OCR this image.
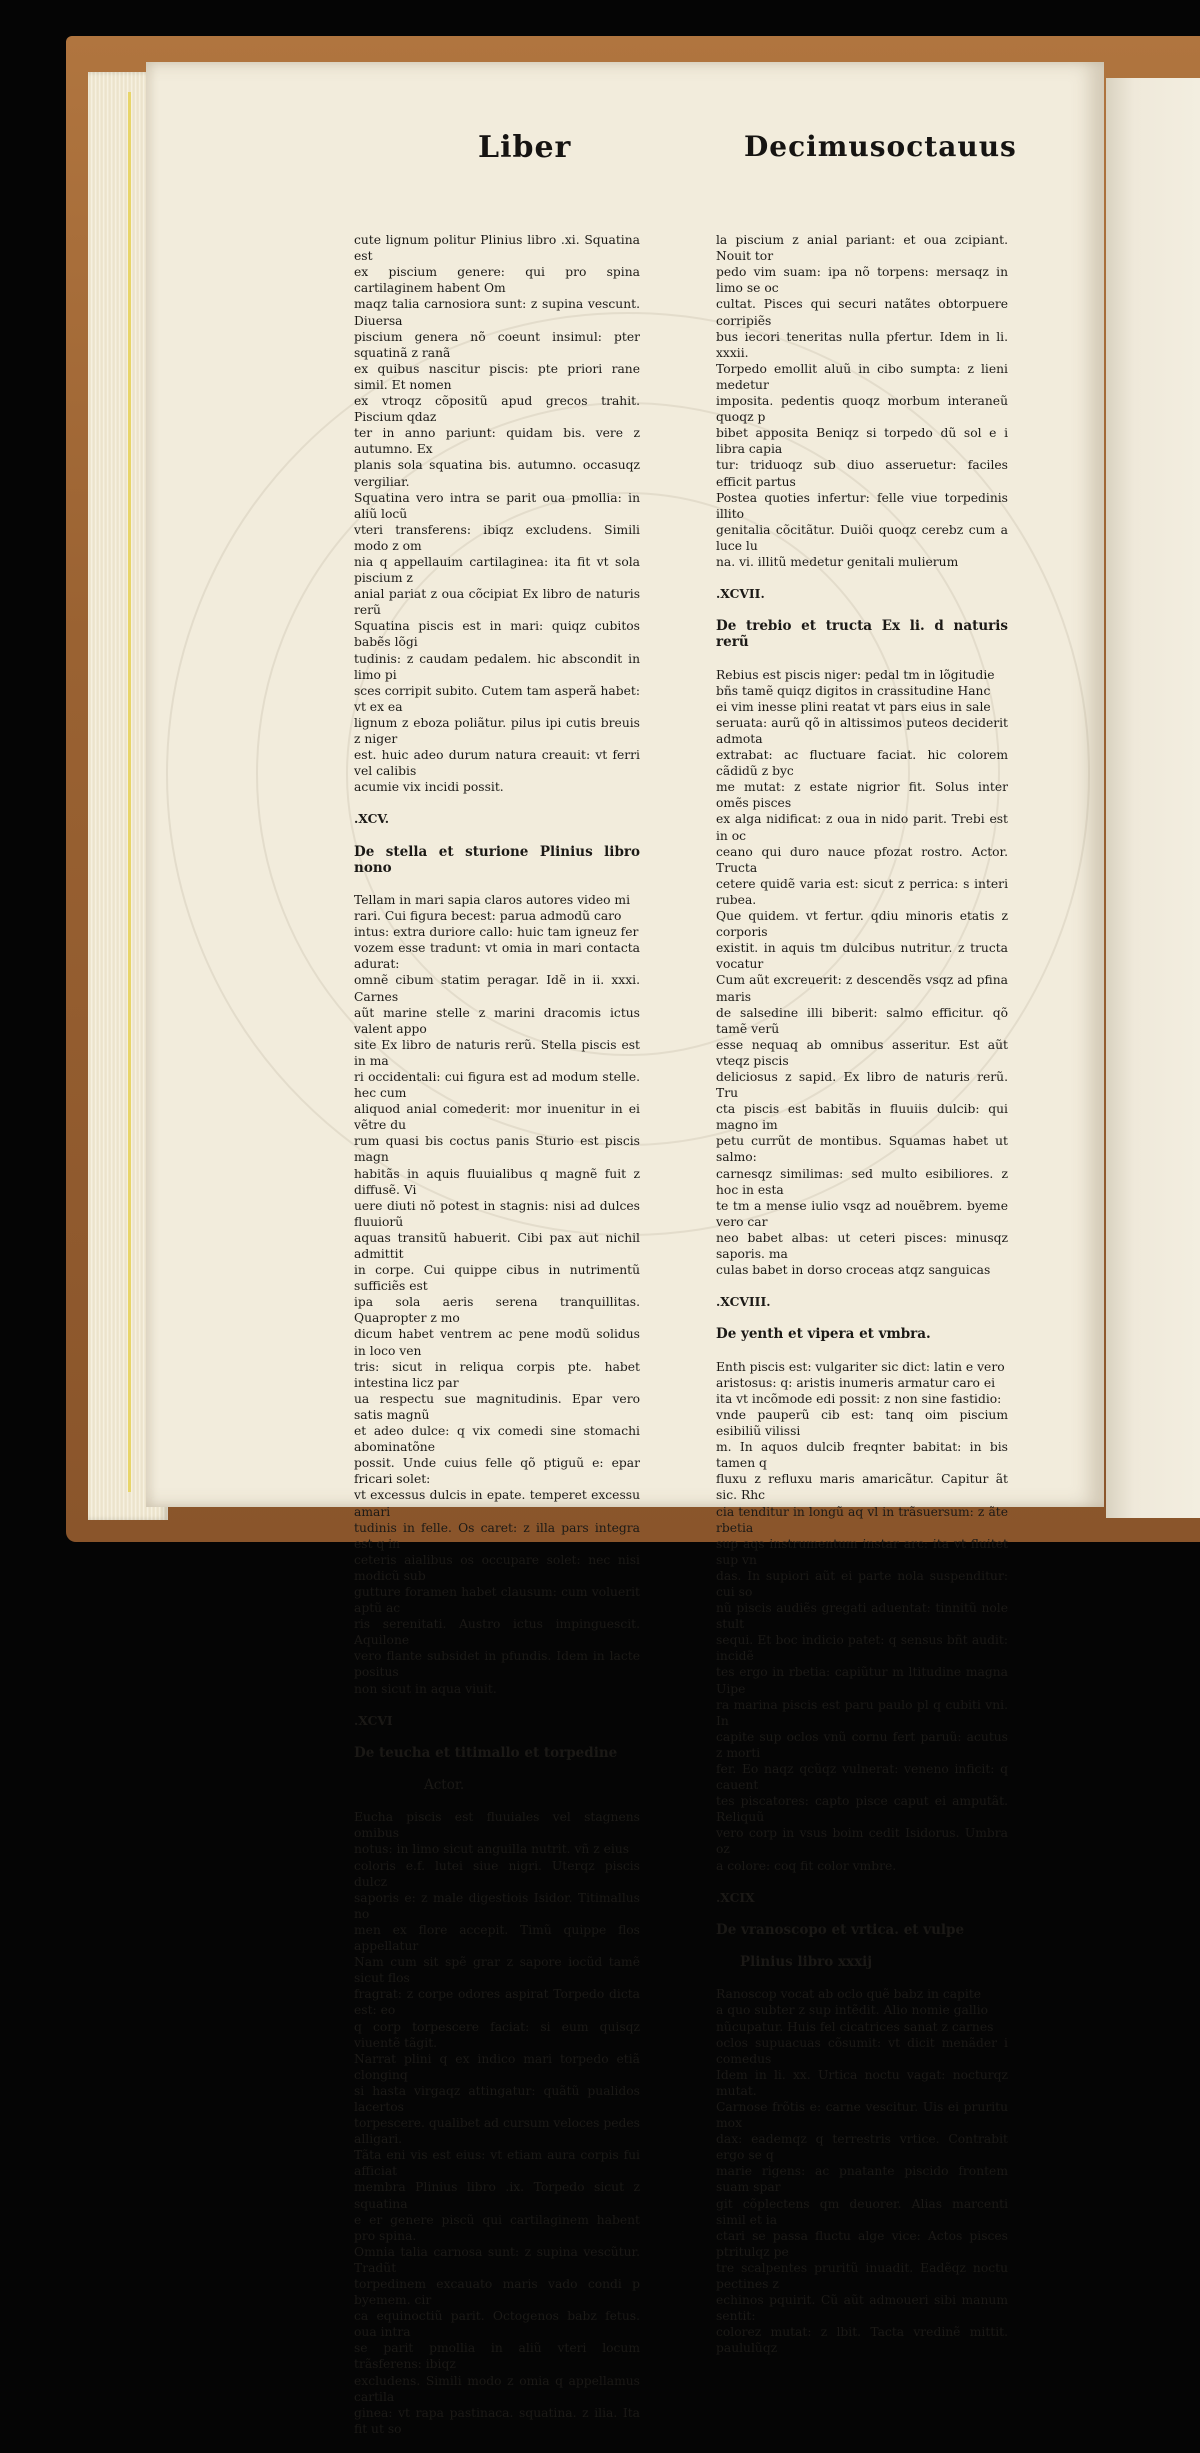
Liber	Decimusoctauus

cute lignum politur Plinius libro .xi. Squatina est
ex piscium genere: qui pro spina cartilaginem habent Om
maqz talia carnosiora sunt: z supina vescunt. Diuersa
piscium genera nõ coeunt insimul: pter squatinã z ranã
ex quibus nascitur piscis: pte priori rane simil. Et nomen
ex vtroqz cõpositũ apud grecos trahit. Piscium qdaz
ter in anno pariunt: quidam bis. vere z autumno. Ex
planis sola squatina bis. autumno. occasuqz vergiliar.
Squatina vero intra se parit oua pmollia: in aliũ locũ
vteri transferens: ibiqz excludens. Simili modo z om
nia q appellauim cartilaginea: ita fit vt sola piscium z
anial pariat z oua cõcipiat Ex libro de naturis rerũ
Squatina piscis est in mari: quiqz cubitos babẽs lõgi
tudinis: z caudam pedalem. hic abscondit in limo pi
sces corripit subito. Cutem tam asperã habet: vt ex ea
lignum z eboza poliãtur. pilus ipi cutis breuis z niger
est. huic adeo durum natura creauit: vt ferri vel calibis
acumie vix incidi possit.

.XCV.

De stella et sturione Plinius libro nono

Tellam in mari sapia claros autores video mi
rari. Cui figura becest: parua admodũ caro
intus: extra duriore callo: huic tam igneuz fer
vozem esse tradunt: vt omia in mari contacta adurat:
omnẽ cibum statim peragar. Idẽ in ii. xxxi. Carnes
aũt marine stelle z marini dracomis ictus valent appo
site Ex libro de naturis rerũ. Stella piscis est in ma
ri occidentali: cui figura est ad modum stelle. hec cum
aliquod anial comederit: mor inuenitur in ei vẽtre du
rum quasi bis coctus panis Sturio est piscis magn
habitãs in aquis fluuialibus q magnẽ fuit z diffusẽ. Vi
uere diuti nõ potest in stagnis: nisi ad dulces fluuiorũ
aquas transitũ habuerit. Cibi pax aut nichil admittit
in corpe. Cui quippe cibus in nutrimentũ sufficiẽs est
ipa sola aeris serena tranquillitas. Quapropter z mo
dicum habet ventrem ac pene modũ solidus in loco ven
tris: sicut in reliqua corpis pte. habet intestina licz par
ua respectu sue magnitudinis. Epar vero satis magnũ
et adeo dulce: q vix comedi sine stomachi abominatõne
possit. Unde cuius felle qõ ptiguũ e: epar fricari solet:
vt excessus dulcis in epate. temperet excessu amari
tudinis in felle. Os caret: z illa pars integra est q in
ceteris aialibus os occupare solet: nec nisi modicũ sub
gutture foramen habet clausum: cum voluerit aptũ ac
ris serenitati. Austro ictus impinguescit. Aquilone
vero flante subsidet in pfundis. Idem in lacte positus
non sicut in aqua viuit.

.XCVI

De teucha et titimallo et torpedine

Actor.

Eucha piscis est fluuiales vel stagnens omibus
notus: in limo sicut anguilla nutrit. vñ z eius
coloris e.f. lutei siue nigri. Uterqz piscis dulcz
saporis e: z male digestiois Isidor. Titimallus no
men ex flore accepit. Timũ quippe flos appellatur
Nam cum sit spẽ grar z sapore iocũd tamẽ sicut flos
fragrat: z corpe odores aspirat Torpedo dicta est: eo
q corp torpescere faciat: si eum quisqz viuentẽ tãgit.
Narrat plini q ex indico mari torpedo etiã clonginq
si hasta virgaqz attingatur: quãtũ pualidos lacertos
torpescere. qualibet ad cursum veloces pedes alligari.
Tãta eni vis est eius: vt etiam aura corpis fui afficiat
membra Plinius libro .ix. Torpedo sicut z squatina
e er genere piscũ qui cartilaginem habent pro spina.
Omnia talia carnosa sunt: z supina vescũtur. Tradũt
torpedinem excauato maris vado condi p byemem. cir
ca equinoctiũ parit. Octogenos babz fetus. oua intra
se parit pmollia in aliũ vteri locum trãsferens: ibiqz
excludens. Simili modo z omia q appellamus cartila
ginea: vt rapa pastinaca. squatina. z ilia. Ita fit ut so

la piscium z anial pariant: et oua zcipiant. Nouit tor
pedo vim suam: ipa nõ torpens: mersaqz in limo se oc
cultat. Pisces qui securi natãtes obtorpuere corripiẽs
bus iecori teneritas nulla pfertur. Idem in li. xxxii.
Torpedo emollit aluũ in cibo sumpta: z lieni medetur
imposita. pedentis quoqz morbum interaneũ quoqz p
bibet apposita Beniqz si torpedo dũ sol e i libra capia
tur: triduoqz sub diuo asseruetur: faciles efficit partus
Postea quoties infertur: felle viue torpedinis illito
genitalia cõcitãtur. Duiõi quoqz cerebz cum a luce lu
na. vi. illitũ medetur genitali mulierum

.XCVII.

De trebio et tructa Ex li. d naturis rerũ

Rebius est piscis niger: pedal tm in lõgitudie
bñs tamẽ quiqz digitos in crassitudine Hanc
ei vim inesse plini reatat vt pars eius in sale
seruata: aurũ qõ in altissimos puteos deciderit admota
extrabat: ac fluctuare faciat. hic colorem cãdidũ z byc
me mutat: z estate nigrior fit. Solus inter omẽs pisces
ex alga nidificat: z oua in nido parit. Trebi est in oc
ceano qui duro nauce pfozat rostro. Actor. Tructa
cetere quidẽ varia est: sicut z perrica: s interi rubea.
Que quidem. vt fertur. qdiu minoris etatis z corporis
existit. in aquis tm dulcibus nutritur. z tructa vocatur
Cum aũt excreuerit: z descendẽs vsqz ad pfina maris
de salsedine illi biberit: salmo efficitur. qõ tamẽ verũ
esse nequaq ab omnibus asseritur. Est aũt vteqz piscis
deliciosus z sapid. Ex libro de naturis rerũ. Tru
cta piscis est babitãs in fluuiis dulcib: qui magno im
petu currũt de montibus. Squamas habet ut salmo:
carnesqz similimas: sed multo esibiliores. z hoc in esta
te tm a mense iulio vsqz ad nouẽbrem. byeme vero car
neo babet albas: ut ceteri pisces: minusqz saporis. ma
culas babet in dorso croceas atqz sanguicas

.XCVIII.

De yenth et vipera et vmbra.

Enth piscis est: vulgariter sic dict: latin e vero
aristosus: q: aristis inumeris armatur caro ei
ita vt incõmode edi possit: z non sine fastidio:
vnde pauperũ cib est: tanq oim piscium esibiliũ vilissi
m. In aquos dulcib freqnter babitat: in bis tamen q
fluxu z refluxu maris amaricãtur. Capitur ãt sic. Rhc
cia tenditur in longũ aq vl in trãsuersum: z ãte rbetia
sup aqs instrumentum instar arc: ita vt fluitet sup vn
das. In supiori aũt ei parte nola suspenditur: cui so
nũ piscis audiẽs gregati aduentat: tinnitũ nole stult
sequi. Et boc indicio patet: q sensus bñt audit: incidẽ
tes ergo in rbetia: capiũtur m ltitudine magna Uipe
ra marina piscis est paru paulo pl q cubiti vni. In
capite sup oclos vnũ cornu fert paruũ: acutus z morti
fer. Eo naqz qcũqz vulnerat: veneno inficit: q cauent
tes piscatores: capto pisce caput ei amputãt. Reliquũ
vero corp in vsus boim cedit Isidorus. Umbra oz
a colore: coq fit color vmbre.

.XCIX

De vranoscopo et vrtica. et vulpe

Plinius libro xxxij

Ranoscop vocat ab oclo quẽ babz in capite
a quo subter z sup intẽdit. Alio nomie gallio
nũcupatur. Huis fel cicatrices sanat z carnes
oclos supuacuas cõsumit: vt dicit menãder i comedus
Idem in li. xx. Urtica noctu vagat: nocturqz mutat.
Carnose frõtis e: carne vescitur. Uis ei pruritu mox
dax: eademqz q terrestris vrtice. Contrabit ergo se q
marie rigens: ac pnatante piscido frontem suam spar
git cõplectens qm deuorer. Alias marcenti simil et ia
ctari se passa fluctu alge vice: Actos pisces ptritulqz pe
tre scalpentes pruritũ inuadit. Eadẽqz noctu pectines z
echinos pquirit. Cũ aũt admoueri sibi manum sentit:
colorez mutat: z lbit. Tacta vredinẽ mittit. paululũqz
